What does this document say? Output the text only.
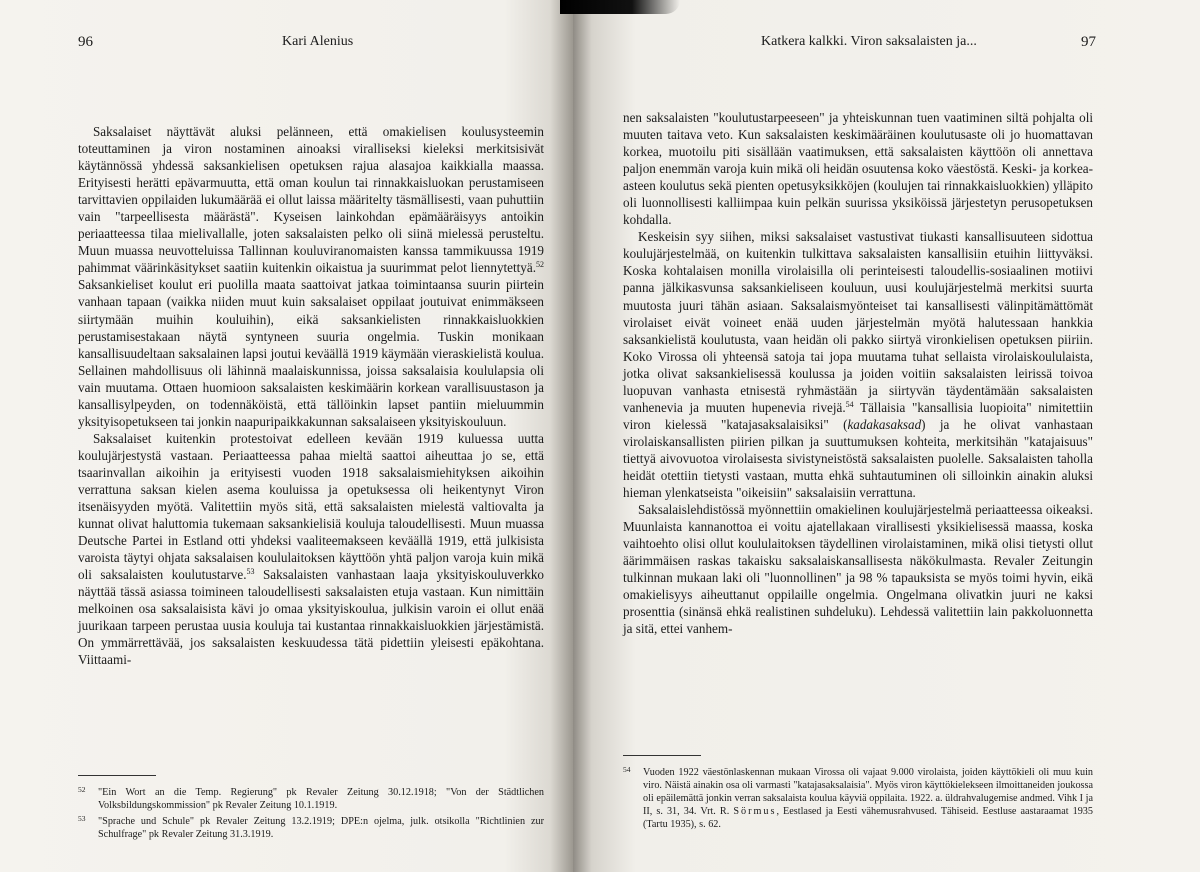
96	Kari Alenius

Saksalaiset näyttävät aluksi pelänneen, että omakielisen koulusysteemin toteuttaminen ja viron nostaminen ainoaksi viralliseksi kieleksi merkitsisivät käytännössä yhdessä saksankielisen opetuksen rajua alasajoa kaikkialla maassa. Erityisesti herätti epävarmuutta, että oman koulun tai rinnakkaisluokan perustamiseen tarvittavien oppilaiden lukumäärää ei ollut laissa määritelty täsmällisesti, vaan puhuttiin vain "tarpeellisesta määrästä". Kyseisen lainkohdan epämääräisyys antoikin periaatteessa tilaa mielivallalle, joten saksalaisten pelko oli siinä mielessä perusteltu. Muun muassa neuvotteluissa Tallinnan kouluviranomaisten kanssa tammikuussa 1919 pahimmat väärinkäsitykset saatiin kuitenkin oikaistua ja suurimmat pelot liennytettyä.$^{52}$ Saksankieliset koulut eri puolilla maata saattoivat jatkaa toimintaansa suurin piirtein vanhaan tapaan (vaikka niiden muut kuin saksalaiset oppilaat joutuivat enimmäkseen siirtymään muihin kouluihin), eikä saksankielisten rinnakkaisluokkien perustamisestakaan näytä syntyneen suuria ongelmia. Tuskin monikaan kansallisuudeltaan saksalainen lapsi joutui keväällä 1919 käymään vieraskielistä koulua. Sellainen mahdollisuus oli lähinnä maalaiskunnissa, joissa saksalaisia koululapsia oli vain muutama. Ottaen huomioon saksalaisten keskimäärin korkean varallisuustason ja kansallisylpeyden, on todennäköistä, että tällöinkin lapset pantiin mieluummin yksityisopetukseen tai jonkin naapuripaikkakunnan saksalaiseen yksityiskouluun.

Saksalaiset kuitenkin protestoivat edelleen kevään 1919 kuluessa uutta koulujärjestystä vastaan. Periaatteessa pahaa mieltä saattoi aiheuttaa jo se, että tsaarinvallan aikoihin ja erityisesti vuoden 1918 saksalaismiehityksen aikoihin verrattuna saksan kielen asema kouluissa ja opetuksessa oli heikentynyt Viron itsenäisyyden myötä. Valitettiin myös sitä, että saksalaisten mielestä valtiovalta ja kunnat olivat haluttomia tukemaan saksankielisiä kouluja taloudellisesti. Muun muassa Deutsche Partei in Estland otti yhdeksi vaaliteemakseen keväällä 1919, että julkisista varoista täytyi ohjata saksalaisen koululaitoksen käyttöön yhtä paljon varoja kuin mikä oli saksalaisten koulutustarve.$^{53}$ Saksalaisten vanhastaan laaja yksityiskouluverkko näyttää tässä asiassa toimineen taloudellisesti saksalaisten etuja vastaan. Kun nimittäin melkoinen osa saksalaisista kävi jo omaa yksityiskoulua, julkisin varoin ei ollut enää juurikaan tarpeen perustaa uusia kouluja tai kustantaa rinnakkaisluokkien järjestämistä. On ymmärrettävää, jos saksalaisten keskuudessa tätä pidettiin yleisesti epäkohtana. Viittaami-

52 "Ein Wort an die Temp. Regierung" pk Revaler Zeitung 30.12.1918; "Von der Städtlichen Volksbildungskommission" pk Revaler Zeitung 10.1.1919.
53 "Sprache und Schule" pk Revaler Zeitung 13.2.1919; DPE:n ojelma, julk. otsikolla "Richtlinien zur Schulfrage" pk Revaler Zeitung 31.3.1919.
Katkera kalkki. Viron saksalaisten ja...	97

nen saksalaisten "koulutustarpeeseen" ja yhteiskunnan tuen vaatiminen siltä pohjalta oli muuten taitava veto. Kun saksalaisten keskimääräinen koulutusaste oli jo huomattavan korkea, muotoilu piti sisällään vaatimuksen, että saksalaisten käyttöön oli annettava paljon enemmän varoja kuin mikä oli heidän osuutensa koko väestöstä. Keski- ja korkea-asteen koulutus sekä pienten opetusyksikköjen (koulujen tai rinnakkaisluokkien) ylläpito oli luonnollisesti kalliimpaa kuin pelkän suurissa yksiköissä järjestetyn perusopetuksen kohdalla.

Keskeisin syy siihen, miksi saksalaiset vastustivat tiukasti kansallisuuteen sidottua koulujärjestelmää, on kuitenkin tulkittava saksalaisten kansallisiin etuihin liittyväksi. Koska kohtalaisen monilla virolaisilla oli perinteisesti taloudellis-sosiaalinen motiivi panna jälkikasvunsa saksankieliseen kouluun, uusi koulujärjestelmä merkitsi suurta muutosta juuri tähän asiaan. Saksalaismyönteiset tai kansallisesti välinpitämättömät virolaiset eivät voineet enää uuden järjestelmän myötä halutessaan hankkia saksankielistä koulutusta, vaan heidän oli pakko siirtyä vironkielisen opetuksen piiriin. Koko Virossa oli yhteensä satoja tai jopa muutama tuhat sellaista virolaiskoululaista, jotka olivat saksankielisessä koulussa ja joiden voitiin saksalaisten leirissä toivoa luopuvan vanhasta etnisestä ryhmästään ja siirtyvän täydentämään saksalaisten vanhenevia ja muuten hupenevia rivejä.$^{54}$ Tällaisia "kansallisia luopioita" nimitettiin viron kielessä "katajasaksalaisiksi" (kadakasaksad) ja he olivat vanhastaan virolaiskansallisten piirien pilkan ja suuttumuksen kohteita, merkitsihän "katajaisuus" tiettyä aivovuotoa virolaisesta sivistyneistöstä saksalaisten puolelle. Saksalaisten taholla heidät otettiin tietysti vastaan, mutta ehkä suhtautuminen oli silloinkin ainakin aluksi hieman ylenkatseista "oikeisiin" saksalaisiin verrattuna.

Saksalaislehdistössä myönnettiin omakielinen koulujärjestelmä periaatteessa oikeaksi. Muunlaista kannanottoa ei voitu ajatellakaan virallisesti yksikielisessä maassa, koska vaihtoehto olisi ollut koululaitoksen täydellinen virolaistaminen, mikä olisi tietysti ollut äärimmäisen raskas takaisku saksalaiskansallisesta näkökulmasta. Revaler Zeitungin tulkinnan mukaan laki oli "luonnollinen" ja 98 % tapauksista se myös toimi hyvin, eikä omakielisyys aiheuttanut oppilaille ongelmia. Ongelmana olivatkin juuri ne kaksi prosenttia (sinänsä ehkä realistinen suhdeluku). Lehdessä valitettiin lain pakkoluonnetta ja sitä, ettei vanhem-

54 Vuoden 1922 väestönlaskennan mukaan Virossa oli vajaat 9.000 virolaista, joiden käyttökieli oli muu kuin viro. Näistä ainakin osa oli varmasti "katajasaksalaisia". Myös viron käyttökielekseen ilmoittaneiden joukossa oli epäilemättä jonkin verran saksalaista koulua käyviä oppilaita. 1922. a. üldrahvalugemise andmed. Vihk I ja II, s. 31, 34. Vrt. R. Sörmus, Eestlased ja Eesti vähemusrahvused. Tähiseid. Eestluse aastaraamat 1935 (Tartu 1935), s. 62.
